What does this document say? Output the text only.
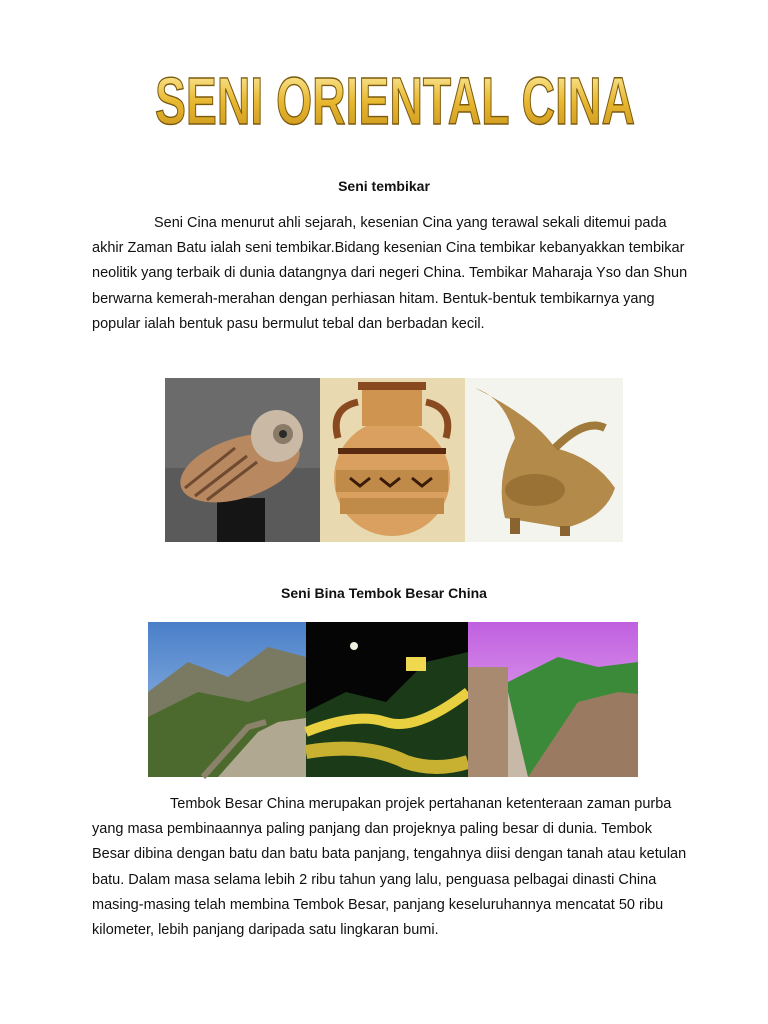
SENI ORIENTAL CINA
Seni tembikar

Seni Cina menurut ahli sejarah, kesenian Cina yang terawal sekali ditemui pada akhir Zaman Batu ialah seni tembikar.Bidang kesenian Cina tembikar kebanyakkan tembikar neolitik yang terbaik di dunia datangnya dari negeri China. Tembikar Maharaja Yso dan Shun berwarna kemerah-merahan dengan perhiasan hitam. Bentuk-bentuk tembikarnya yang popular ialah bentuk pasu bermulut tebal dan berbadan kecil.

Seni Bina Tembok Besar China

Tembok Besar China merupakan projek pertahanan ketenteraan zaman purba yang masa pembinaannya paling panjang dan projeknya paling besar di dunia. Tembok Besar dibina dengan batu dan batu bata panjang, tengahnya diisi dengan tanah atau ketulan batu. Dalam masa selama lebih 2 ribu tahun yang lalu, penguasa pelbagai dinasti China masing-masing telah membina Tembok Besar, panjang keseluruhannya mencatat 50 ribu kilometer, lebih panjang daripada satu lingkaran bumi.
